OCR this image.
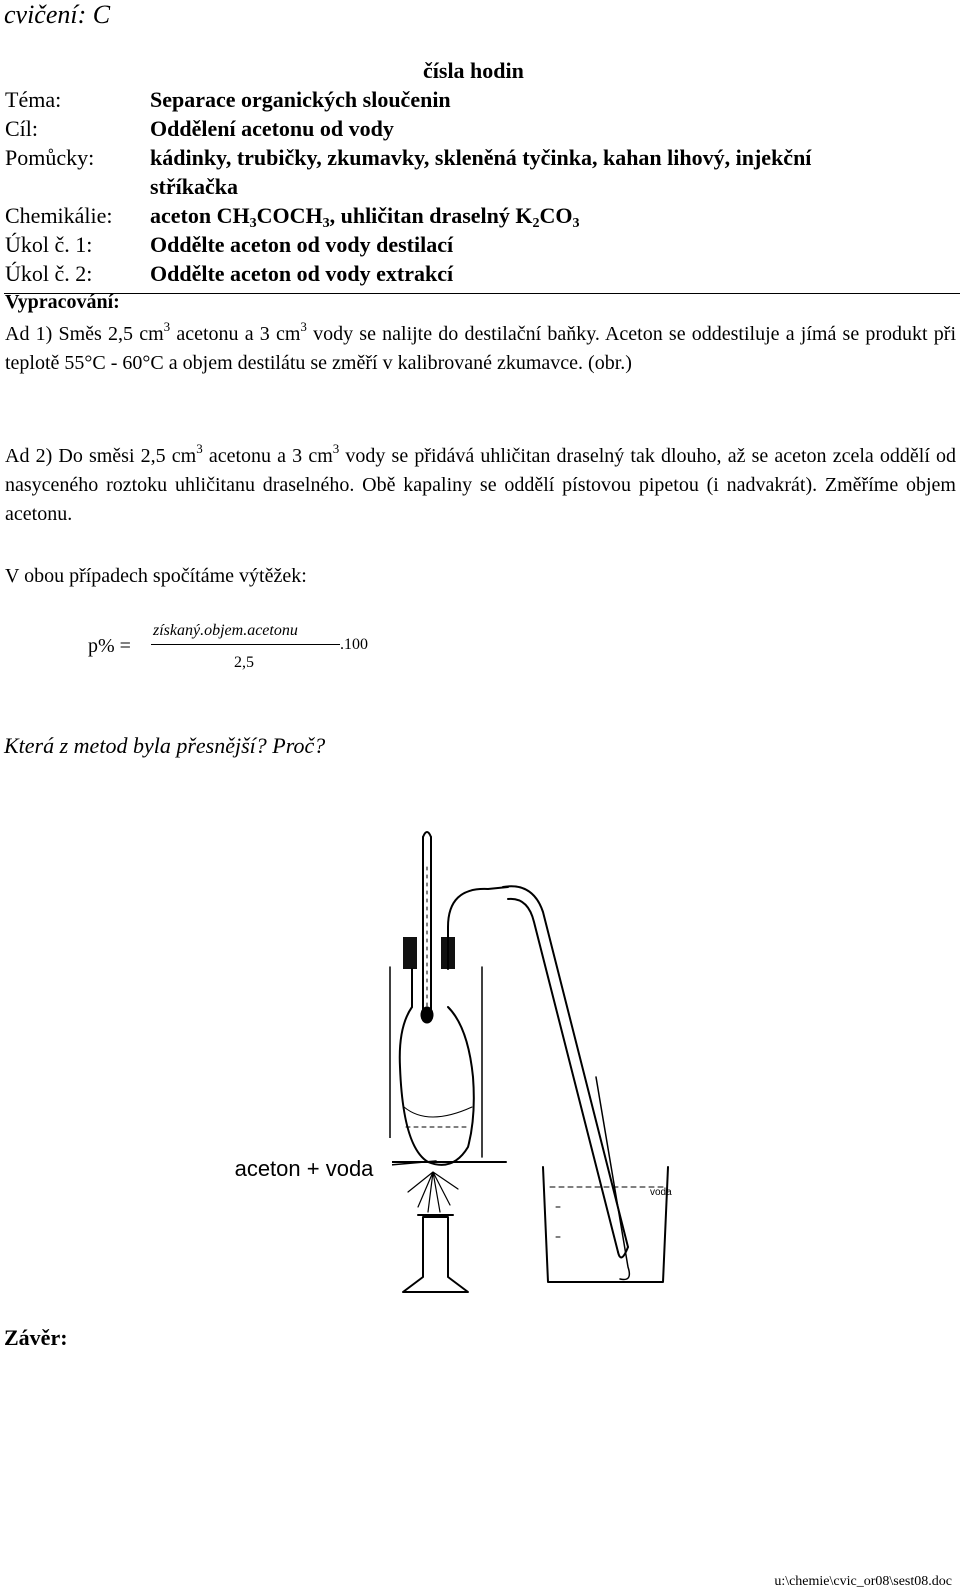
cvičení: C
čísla hodin
Téma:	Separace organických sloučenin
Cíl:	Oddělení acetonu od vody
Pomůcky:	kádinky, trubičky, zkumavky, skleněná tyčinka, kahan lihový, injekční
stříkačka
Chemikálie: aceton $CH_3COCH_3$, uhličitan draselný $K_2CO_3$
Úkol č. 1:	Oddělte aceton od vody destilací
Úkol č. 2:	Oddělte aceton od vody extrakcí
Vypracování:
Ad 1) Směs 2,5 $cm^3$ acetonu a 3 $cm^3$ vody se nalijte do destilační baňky. Aceton se oddestiluje a jímá se produkt při teplotě 55°C - 60°C a objem destilátu se změří v kalibrované zkumavce. (obr.)
Ad 2) Do směsi 2,5 $cm^3$ acetonu a 3 $cm^3$ vody se přidává uhličitan draselný tak dlouho, až se aceton zcela oddělí od nasyceného roztoku uhličitanu draselného. Obě kapaliny se oddělí pístovou pipetou (i nadvakrát). Změříme objem acetonu.
V obou případech spočítáme výtěžek:
p% =
získaný.objem.acetonu
2,5
.100
Která z metod byla přesnější? Proč?
voda
aceton + voda
Závěr:
u:\chemie\cvic_or08\sest08.doc
